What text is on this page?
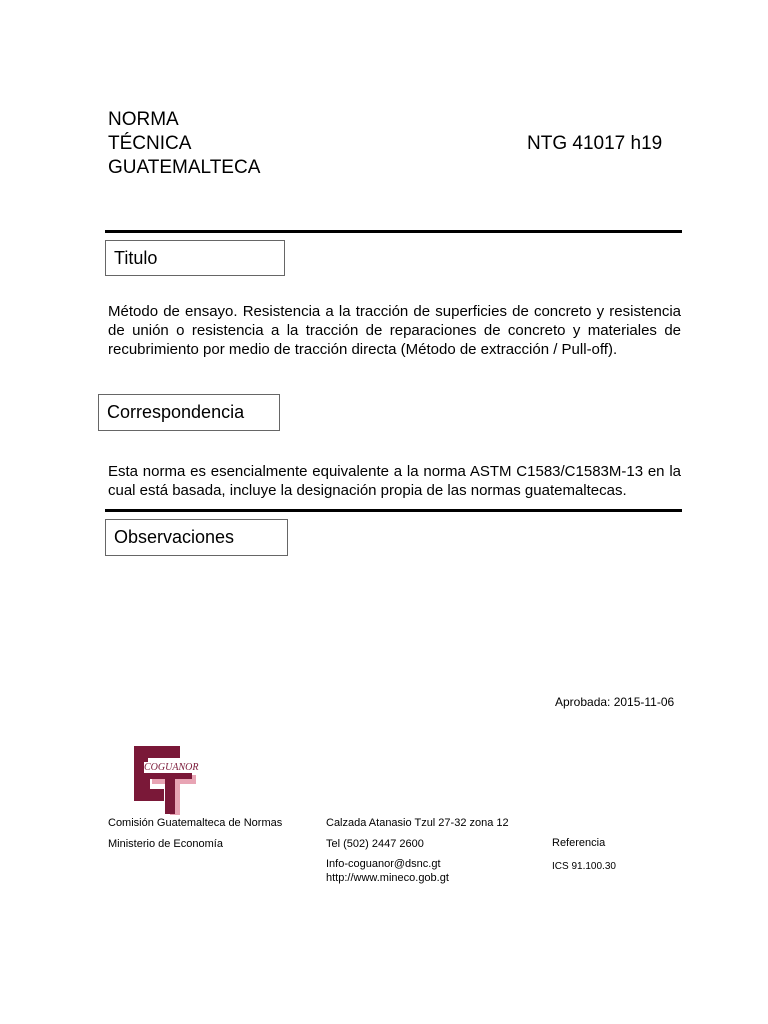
NORMA
TÉCNICA
GUATEMALTECA
NTG 41017 h19
Titulo
Método de ensayo. Resistencia a la tracción de superficies de concreto y resistencia de unión o resistencia a la tracción de reparaciones de concreto y materiales de recubrimiento por medio de tracción directa (Método de extracción / Pull-off).
Correspondencia
Esta norma es esencialmente equivalente a la norma ASTM C1583/C1583M-13 en la cual está basada, incluye la designación propia de las normas guatemaltecas.
Observaciones
Aprobada: 2015-11-06
COGUANOR
Comisión Guatemalteca de Normas
Ministerio de Economía
Calzada Atanasio Tzul 27-32 zona 12
Tel (502) 2447 2600
Info-coguanor@dsnc.gt
http://www.mineco.gob.gt
Referencia
ICS 91.100.30
